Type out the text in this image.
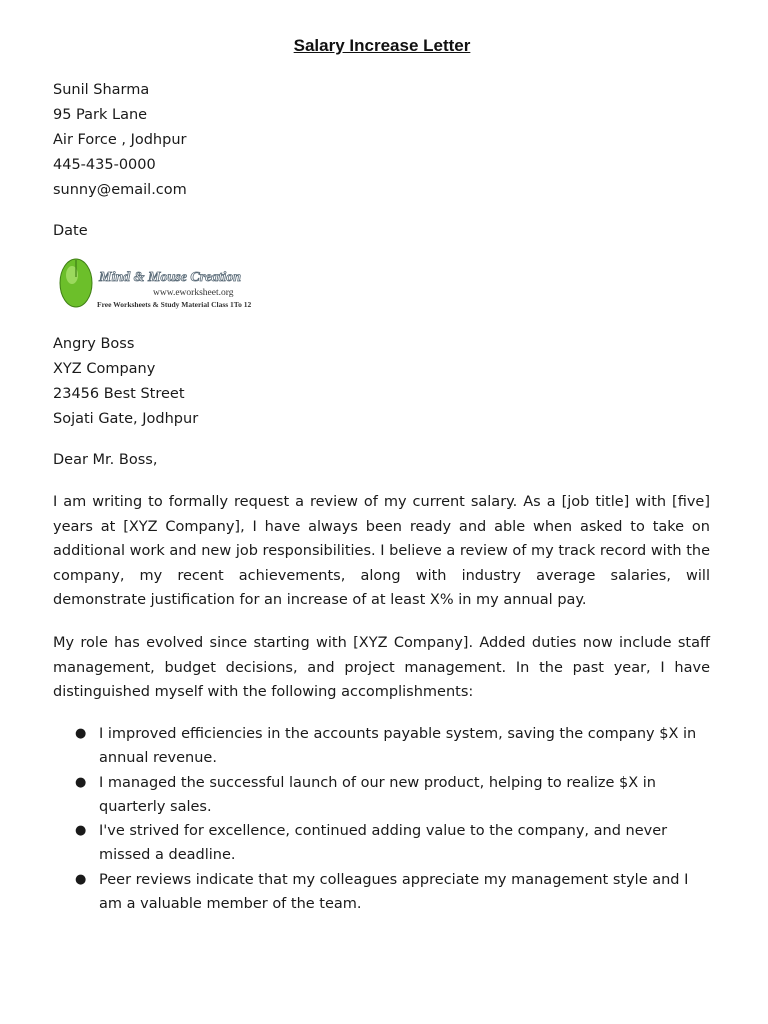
Salary Increase Letter
Sunil Sharma
95 Park Lane
Air Force , Jodhpur
445-435-0000
sunny@email.com
Date
Mind & Mouse Creation
www.eworksheet.org
Free Worksheets & Study Material Class 1To 12
Angry Boss
XYZ Company
23456 Best Street
Sojati Gate, Jodhpur
Dear Mr. Boss,

I am writing to formally request a review of my current salary. As a [job title] with [five] years at [XYZ Company], I have always been ready and able when asked to take on additional work and new job responsibilities. I believe a review of my track record with the company, my recent achievements, along with industry average salaries, will demonstrate justification for an increase of at least X% in my annual pay.

My role has evolved since starting with [XYZ Company]. Added duties now include staff management, budget decisions, and project management. In the past year, I have distinguished myself with the following accomplishments:

● I improved efficiencies in the accounts payable system, saving the company $X in annual revenue.
● I managed the successful launch of our new product, helping to realize $X in quarterly sales.
● I've strived for excellence, continued adding value to the company, and never missed a deadline.
● Peer reviews indicate that my colleagues appreciate my management style and I am a valuable member of the team.
